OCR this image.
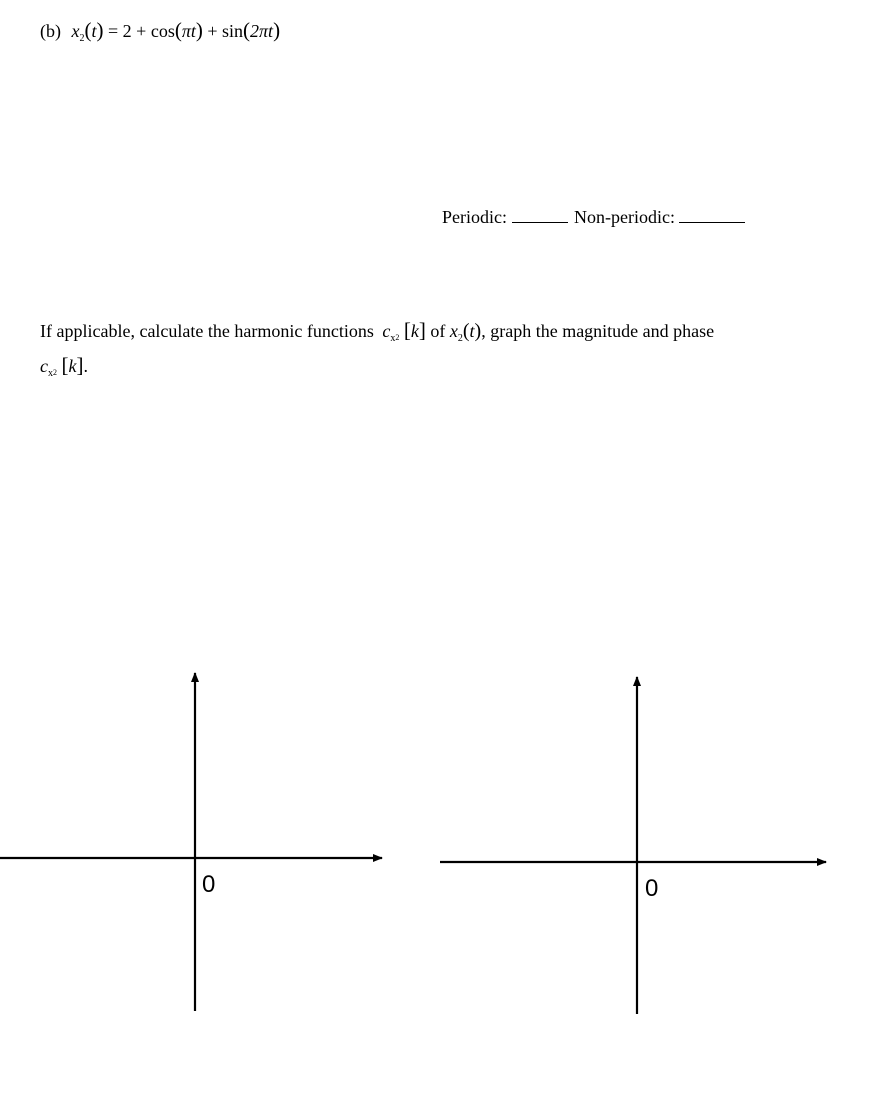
(b) $x_2(t) = 2 + \cos(\pi t) + \sin(2\pi t)$
Periodic:	Non-periodic:
If applicable, calculate the harmonic functions $c_x2$ [k] of $x_2(t)$, graph the magnitude and phase
$c_x2$ [k].
0	0
